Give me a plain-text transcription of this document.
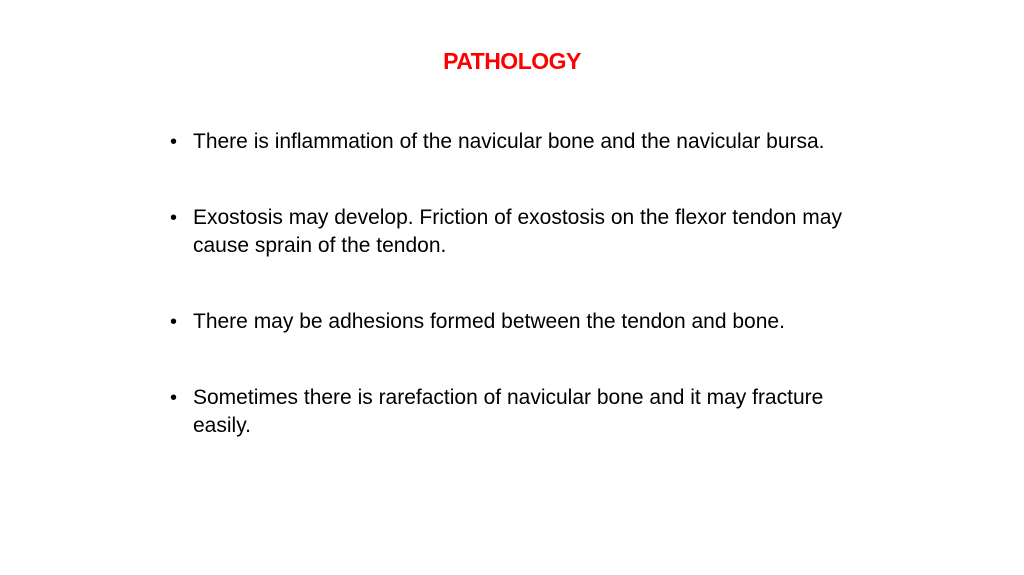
PATHOLOGY
• There is inflammation of the navicular bone and the navicular bursa.
• Exostosis may develop. Friction of exostosis on the flexor tendon may cause sprain of the tendon.
• There may be adhesions formed between the tendon and bone.
• Sometimes there is rarefaction of navicular bone and it may fracture easily.
